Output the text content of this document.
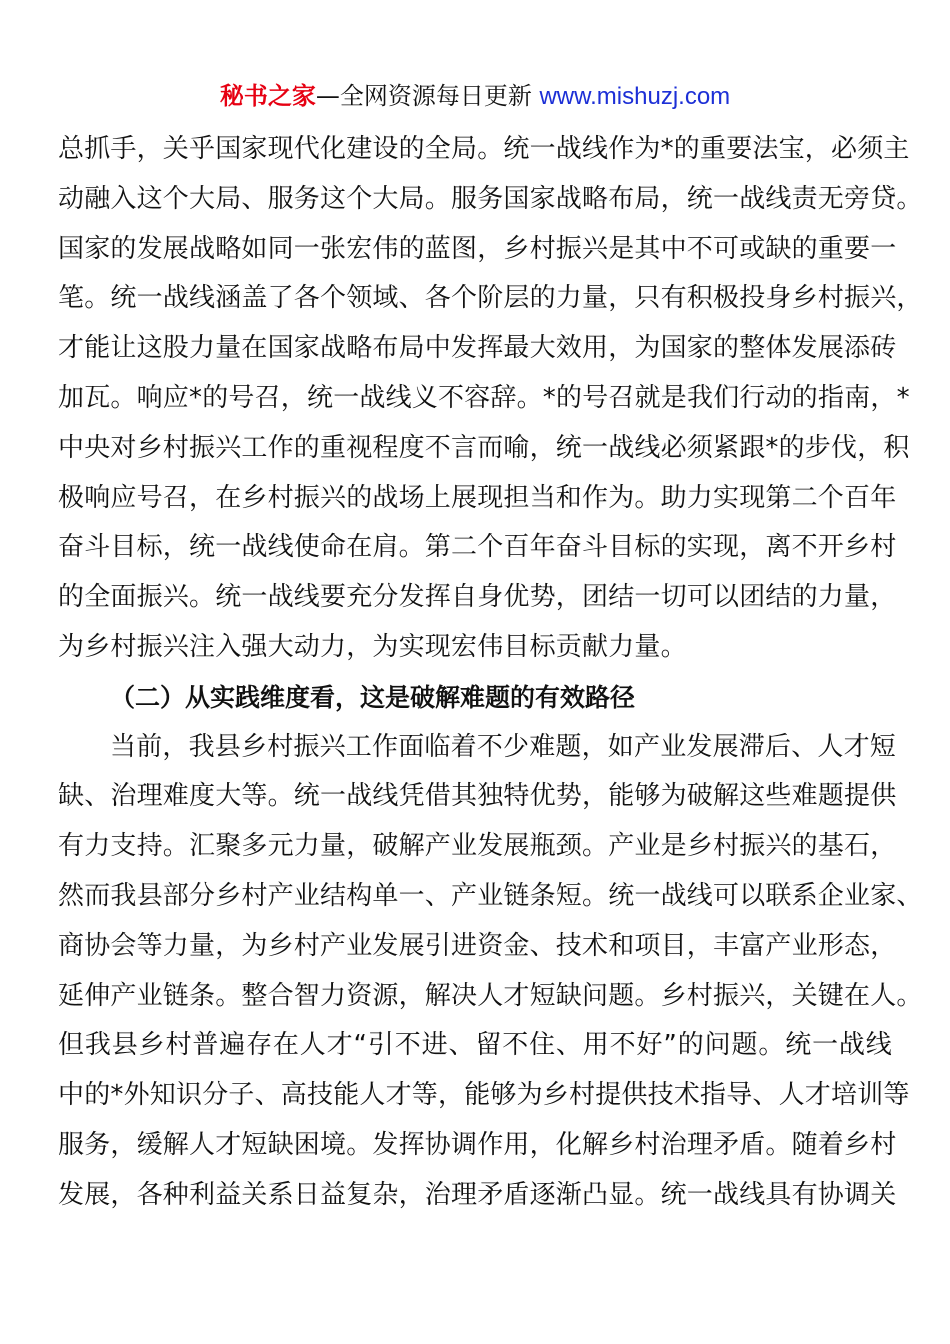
秘书之家—全网资源每日更新 www.mishuzj.com
总抓手，关乎国家现代化建设的全局。统一战线作为*的重要法宝，必须主
动融入这个大局、服务这个大局。服务国家战略布局，统一战线责无旁贷。
国家的发展战略如同一张宏伟的蓝图，乡村振兴是其中不可或缺的重要一
笔。统一战线涵盖了各个领域、各个阶层的力量，只有积极投身乡村振兴，
才能让这股力量在国家战略布局中发挥最大效用，为国家的整体发展添砖
加瓦。响应*的号召，统一战线义不容辞。*的号召就是我们行动的指南，*
中央对乡村振兴工作的重视程度不言而喻，统一战线必须紧跟*的步伐，积
极响应号召，在乡村振兴的战场上展现担当和作为。助力实现第二个百年
奋斗目标，统一战线使命在肩。第二个百年奋斗目标的实现，离不开乡村
的全面振兴。统一战线要充分发挥自身优势，团结一切可以团结的力量，
为乡村振兴注入强大动力，为实现宏伟目标贡献力量。
（二）从实践维度看，这是破解难题的有效路径
当前，我县乡村振兴工作面临着不少难题，如产业发展滞后、人才短
缺、治理难度大等。统一战线凭借其独特优势，能够为破解这些难题提供
有力支持。汇聚多元力量，破解产业发展瓶颈。产业是乡村振兴的基石，
然而我县部分乡村产业结构单一、产业链条短。统一战线可以联系企业家、
商协会等力量，为乡村产业发展引进资金、技术和项目，丰富产业形态，
延伸产业链条。整合智力资源，解决人才短缺问题。乡村振兴，关键在人。
但我县乡村普遍存在人才“引不进、留不住、用不好”的问题。统一战线
中的*外知识分子、高技能人才等，能够为乡村提供技术指导、人才培训等
服务，缓解人才短缺困境。发挥协调作用，化解乡村治理矛盾。随着乡村
发展，各种利益关系日益复杂，治理矛盾逐渐凸显。统一战线具有协调关
